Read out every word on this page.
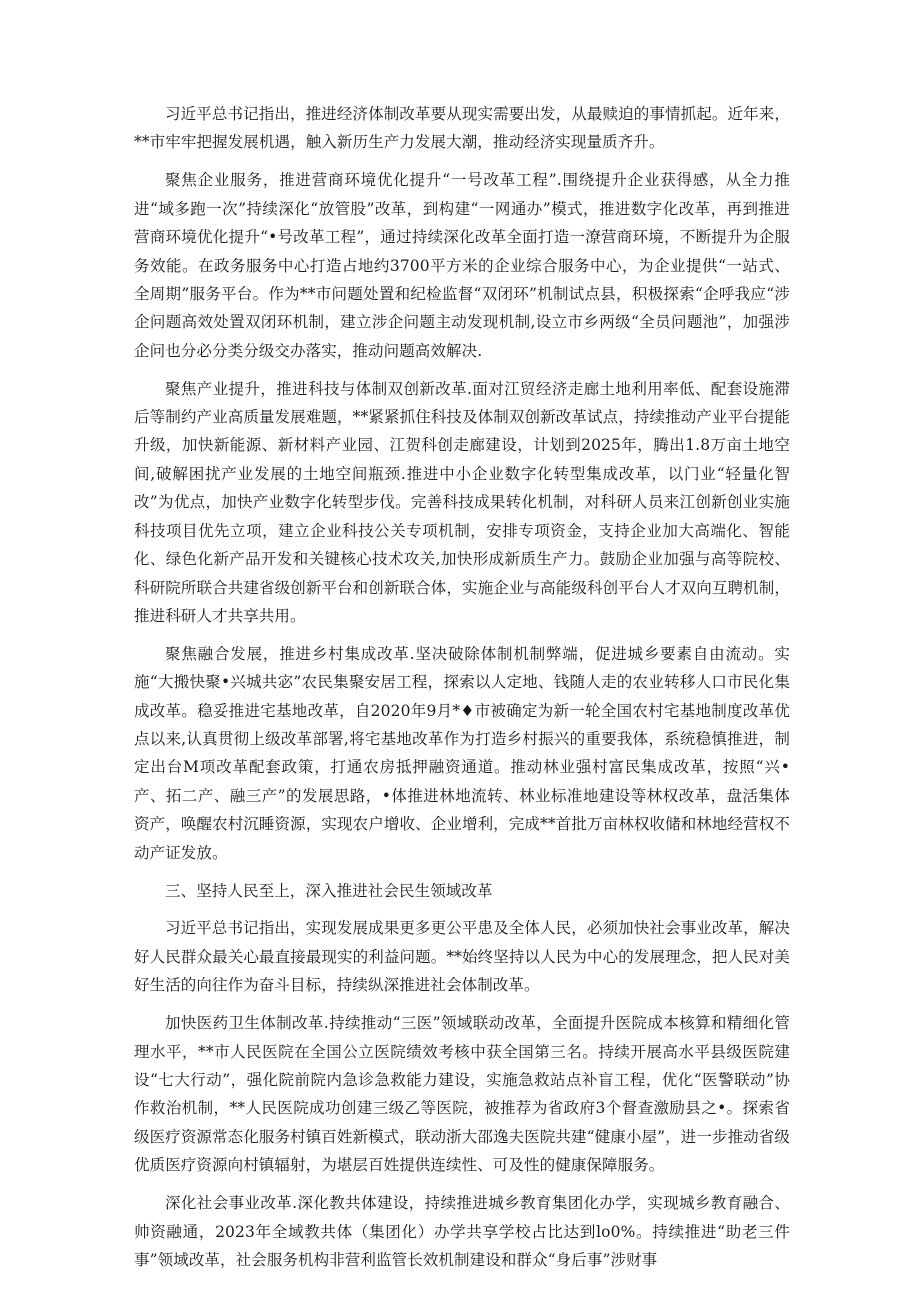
习近平总书记指出，推进经济体制改革要从现实需要出发，从最赎迫的事情抓起。近年来，**市牢牢把握发展机遇，触入新历生产力发展大潮，推动经济实现量质齐升。

聚焦企业服务，推进营商环境优化提升“一号改革工程”.围绕提升企业获得感，从全力推进“域多跑一次”持续深化“放管股”改革，到构建“一网通办”模式，推进数字化改革，再到推进营商环境优化提升“•号改革工程”，通过持续深化改革全面打造一潦营商环境，不断提升为企服务效能。在政务服务中心打造占地约3700平方米的企业综合服务中心，为企业提供“一站式、全周期”服务平台。作为**市问题处置和纪检监督“双闭环”机制试点县，积极探索“企呼我应“涉企问题高效处置双闭环机制，建立涉企问题主动发现机制,设立市乡两级“全员问题池”，加强涉企问也分必分类分级交办落实，推动问题高效解决.

聚焦产业提升，推进科技与体制双创新改革.面对江贸经济走廊土地利用率低、配套设施滞后等制约产业高质量发展难题，**紧紧抓住科技及体制双创新改革试点，持续推动产业平台提能升级，加快新能源、新材料产业园、江贺科创走廊建设，计划到2025年，腾出1.8万亩土地空间,破解困扰产业发展的土地空间瓶颈.推进中小企业数字化转型集成改革，以门业“轻量化智改”为优点，加快产业数字化转型步伐。完善科技成果转化机制，对科研人员来江创新创业实施科技项目优先立项，建立企业科技公关专项机制，安排专项资金，支持企业加大高端化、智能化、绿色化新产品开发和关键核心技术攻关,加快形成新质生产力。鼓励企业加强与高等院校、科研院所联合共建省级创新平台和创新联合体，实施企业与高能级科创平台人才双向互聘机制，推进科研人才共享共用。

聚焦融合发展，推进乡村集成改革.坚决破除体制机制弊端，促进城乡要素自由流动。实施“大搬快聚•兴城共宓”农民集聚安居工程，探索以人定地、钱随人走的农业转移人口市民化集成改革。稳妥推进宅基地改革，自2020年9月*♦市被确定为新一轮全国农村宅基地制度改革优点以来,认真贯彻上级改革部署,将宅基地改革作为打造乡村振兴的重要我体，系统稳慎推进，制定出台M项改革配套政策，打通农房抵押融资通道。推动林业强村富民集成改革，按照“兴•产、拓二产、融三产”的发展思路，•体推进林地流转、林业标准地建设等林权改革，盘活集体资产，唤醒农村沉睡资源，实现农户增收、企业增利，完成**首批万亩林权收储和林地经营权不动产证发放。

三、坚持人民至上，深入推进社会民生领域改革

习近平总书记指出，实现发展成果更多更公平患及全体人民，必须加快社会事业改革，解决好人民群众最关心最直接最现实的利益问题。**始终坚持以人民为中心的发展理念，把人民对美好生活的向往作为奋斗目标，持续纵深推进社会体制改革。

加快医药卫生体制改革.持续推动“三医”领域联动改革，全面提升医院成本核算和精细化管理水平，**市人民医院在全国公立医院绩效考核中获全国第三名。持续开展高水平县级医院建设“七大行动”，强化院前院内急诊急救能力建设，实施急救站点补盲工程，优化“医警联动”协作救治机制，**人民医院成功创建三级乙等医院，被推荐为省政府3个督查激励县之•。探索省级医疗资源常态化服务村镇百姓新模式，联动浙大邵逸夫医院共建“健康小屋”，进一步推动省级优质医疗资源向村镇辐射，为堪层百姓提供连续性、可及性的健康保障服务。

深化社会事业改革.深化教共体建设，持续推进城乡教育集团化办学，实现城乡教育融合、帅资融通，2023年全域教共体（集团化）办学共享学校占比达到lo0%。持续推进“助老三件事”领域改革，社会服务机构非营利监管长效机制建设和群众“身后事”涉财事
